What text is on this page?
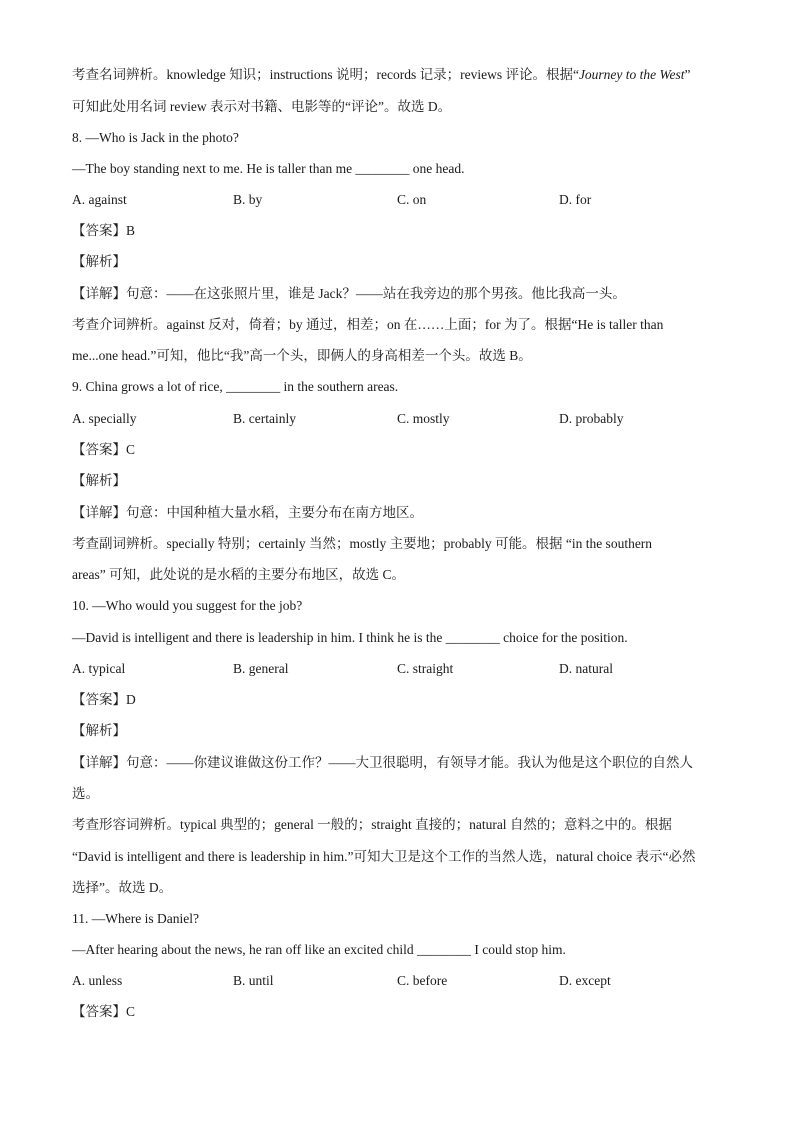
考查名词辨析。knowledge 知识；instructions 说明；records 记录；reviews 评论。根据“Journey to the West”
可知此处用名词 review 表示对书籍、电影等的“评论”。故选 D。
8. —Who is Jack in the photo?
—The boy standing next to me. He is taller than me ________ one head.
A. against	B. by	C. on	D. for
【答案】B
【解析】
【详解】句意：——在这张照片里，谁是 Jack？——站在我旁边的那个男孩。他比我高一头。
考查介词辨析。against 反对，倚着；by 通过，相差；on 在……上面；for 为了。根据“He is taller than
me...one head.”可知，他比“我”高一个头，即俩人的身高相差一个头。故选 B。
9. China grows a lot of rice, ________ in the southern areas.
A. specially	B. certainly	C. mostly	D. probably
【答案】C
【解析】
【详解】句意：中国种植大量水稻，主要分布在南方地区。
考查副词辨析。specially 特别；certainly 当然；mostly 主要地；probably 可能。根据 “in the southern
areas” 可知，此处说的是水稻的主要分布地区，故选 C。
10. —Who would you suggest for the job?
—David is intelligent and there is leadership in him. I think he is the ________ choice for the position.
A. typical	B. general	C. straight	D. natural
【答案】D
【解析】
【详解】句意：——你建议谁做这份工作？——大卫很聪明，有领导才能。我认为他是这个职位的自然人
选。
考查形容词辨析。typical 典型的；general 一般的；straight 直接的；natural 自然的；意料之中的。根据
“David is intelligent and there is leadership in him.”可知大卫是这个工作的当然人选，natural choice 表示“必然
选择”。故选 D。
11. —Where is Daniel?
—After hearing about the news, he ran off like an excited child ________ I could stop him.
A. unless	B. until	C. before	D. except
【答案】C
